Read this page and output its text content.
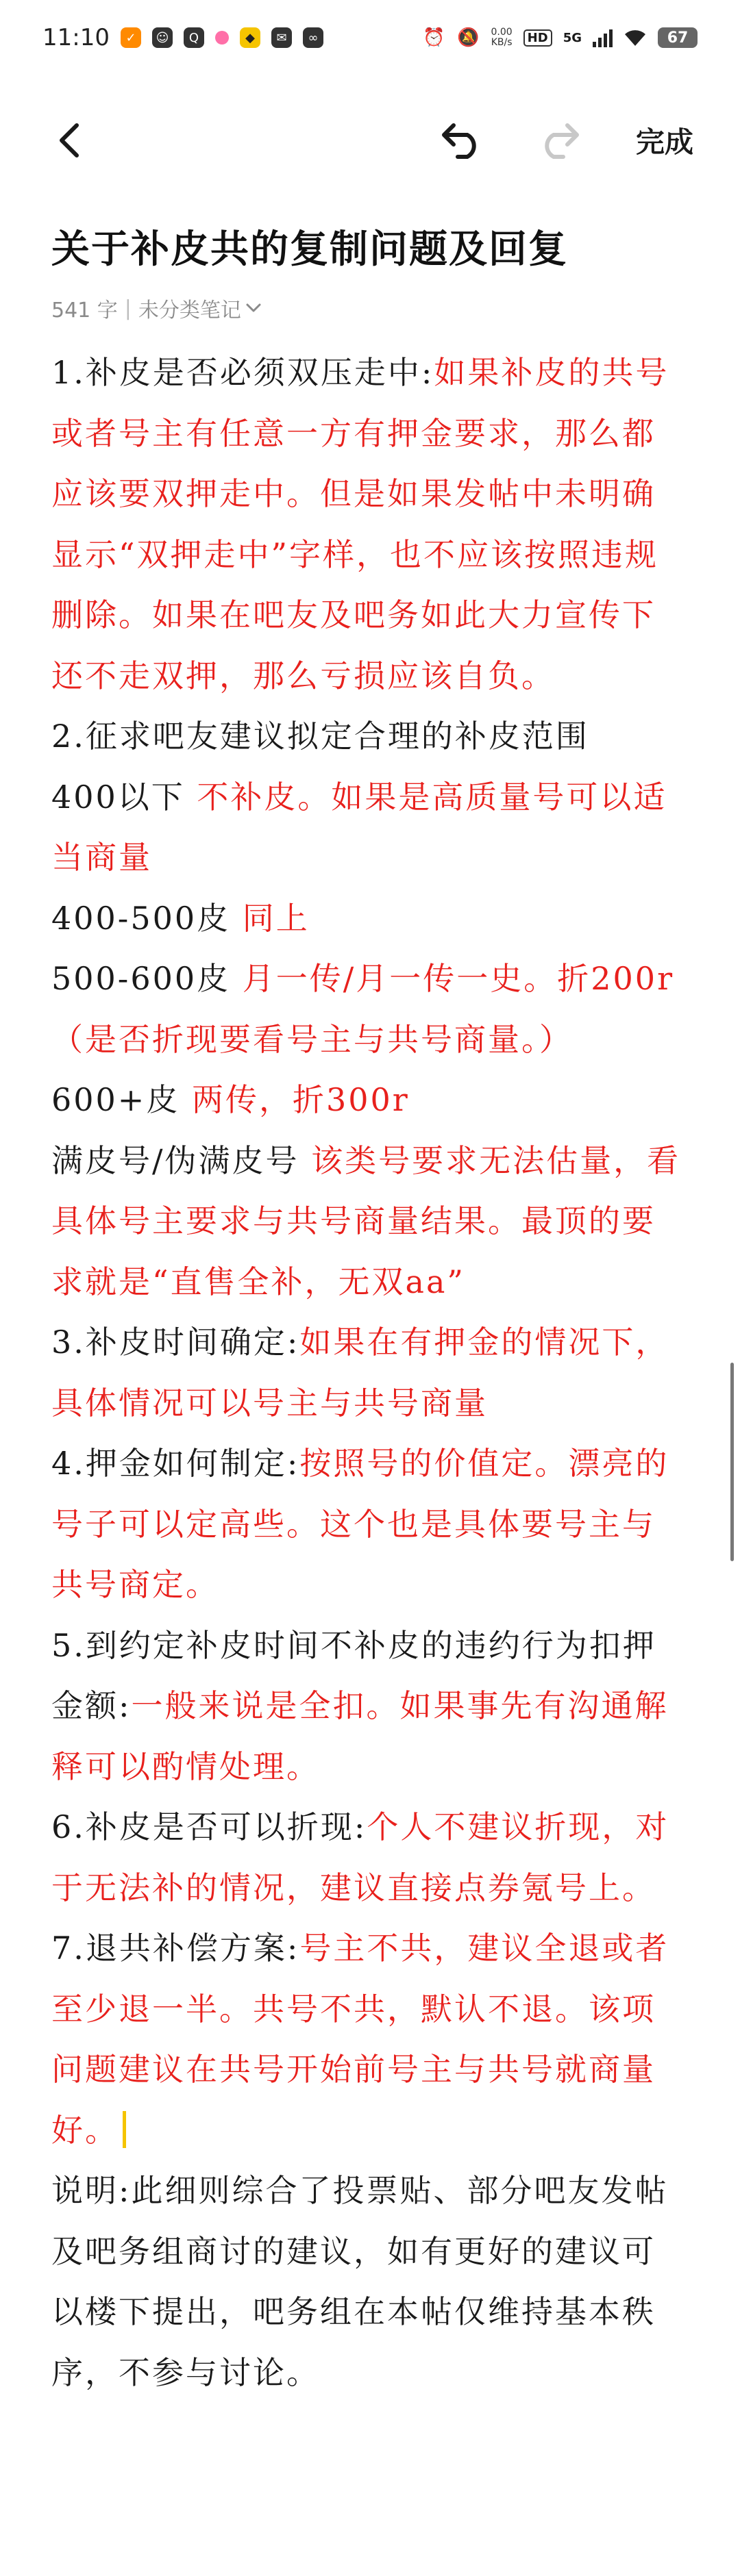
11:10	✓	☺	Q	◆	✉	∞	⏰ 🔕 0.00
KB/s	HD	5G	67
完成
关于补皮共的复制问题及回复
541 字 | 未分类笔记

1.补皮是否必须双压走中:如果补皮的共号或者号主有任意一方有押金要求，那么都应该要双押走中。但是如果发帖中未明确显示“双押走中”字样，也不应该按照违规删除。如果在吧友及吧务如此大力宣传下还不走双押，那么亏损应该自负。

2.征求吧友建议拟定合理的补皮范围

400以下 不补皮。如果是高质量号可以适当商量

400-500皮 同上

500-600皮 月一传/月一传一史。折200r（是否折现要看号主与共号商量。）

600+皮 两传，折300r

满皮号/伪满皮号 该类号要求无法估量，看具体号主要求与共号商量结果。最顶的要求就是“直售全补，无双aa”

3.补皮时间确定:如果在有押金的情况下，具体情况可以号主与共号商量

4.押金如何制定:按照号的价值定。漂亮的号子可以定高些。这个也是具体要号主与共号商定。

5.到约定补皮时间不补皮的违约行为扣押金额:一般来说是全扣。如果事先有沟通解释可以酌情处理。

6.补皮是否可以折现:个人不建议折现，对于无法补的情况，建议直接点券氪号上。

7.退共补偿方案:号主不共，建议全退或者至少退一半。共号不共，默认不退。该项问题建议在共号开始前号主与共号就商量好。

说明:此细则综合了投票贴、部分吧友发帖及吧务组商讨的建议，如有更好的建议可以楼下提出，吧务组在本帖仅维持基本秩序，不参与讨论。
